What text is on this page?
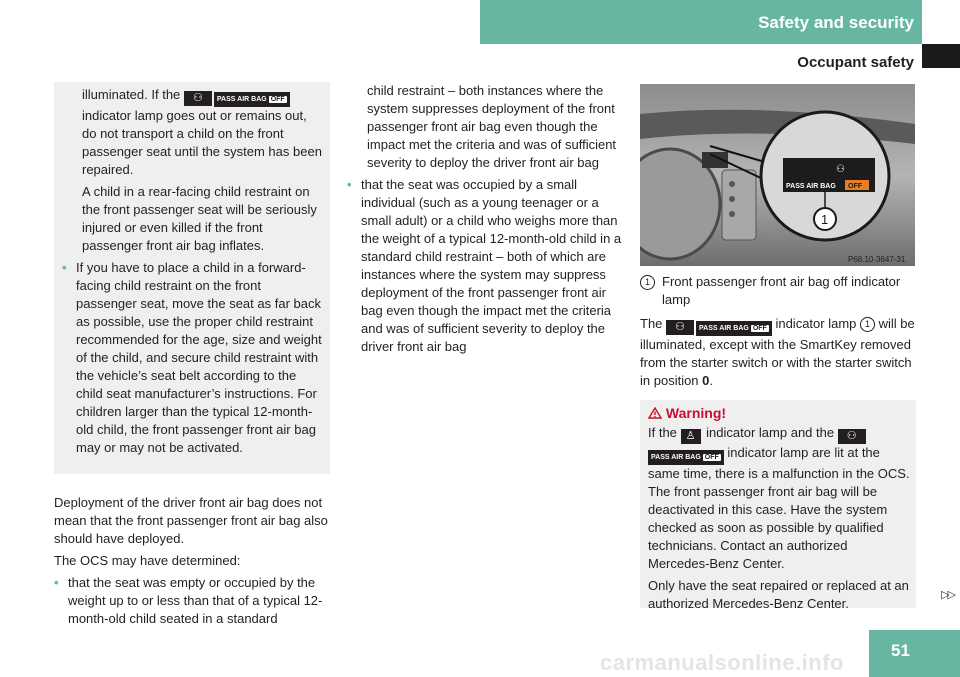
Safety and security
Occupant safety

illuminated. If the ⚇ PASS AIR BAG OFF indicator lamp goes out or remains out, do not transport a child on the front passenger seat until the system has been repaired.

A child in a rear-facing child restraint on the front passenger seat will be seriously injured or even killed if the front passenger front air bag inflates.

• If you have to place a child in a forward-facing child restraint on the front passenger seat, move the seat as far back as possible, use the proper child restraint recommended for the age, size and weight of the child, and secure child restraint with the vehicle’s seat belt according to the child seat manufacturer’s instructions. For children larger than the typical 12-month-old child, the front passenger front air bag may or may not be activated.

Deployment of the driver front air bag does not mean that the front passenger front air bag also should have deployed.

The OCS may have determined:

• that the seat was empty or occupied by the weight up to or less than that of a typical 12-month-old child seated in a standard

child restraint – both instances where the system suppresses deployment of the front passenger front air bag even though the impact met the criteria and was of sufficient severity to deploy the driver front air bag

• that the seat was occupied by a small individual (such as a young teenager or a small adult) or a child who weighs more than the weight of a typical 12-month-old child in a standard child restraint – both of which are instances where the system may suppress deployment of the front passenger front air bag even though the impact met the criteria and was of sufficient severity to deploy the driver front air bag
⚇
PASS AIR BAG OFF
1
P68.10-3647-31

1 Front passenger front air bag off indicator lamp

The ⚇ PASS AIR BAG OFF indicator lamp 1 will be illuminated, except with the SmartKey removed from the starter switch or with the starter switch in position 0.

Warning!

If the ♙ indicator lamp and the ⚇PASS AIR BAG OFF indicator lamp are lit at the same time, there is a malfunction in the OCS. The front passenger front air bag will be deactivated in this case. Have the system checked as soon as possible by qualified technicians. Contact an authorized Mercedes-Benz Center.

Only have the seat repaired or replaced at an authorized Mercedes-Benz Center.

▷▷
51
carmanualsonline.info
